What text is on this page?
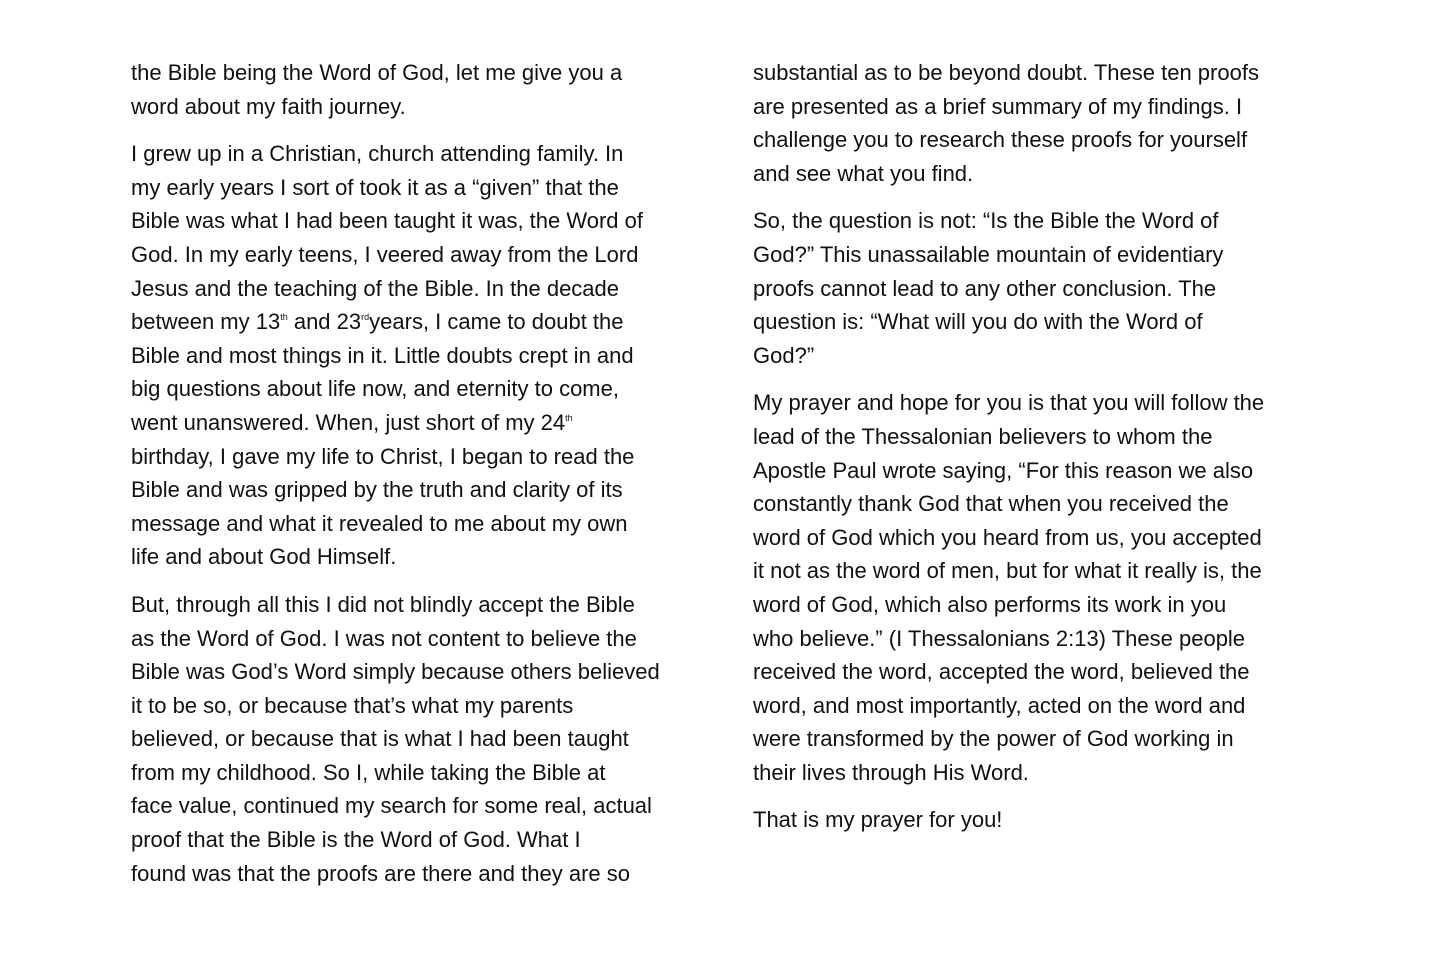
the Bible being the Word of God, let me give you a
word about my faith journey.

I grew up in a Christian, church attending family. In
my early years I sort of took it as a “given” that the
Bible was what I had been taught it was, the Word of
God. In my early teens, I veered away from the Lord
Jesus and the teaching of the Bible. In the decade
between my 13th and 23rdyears, I came to doubt the
Bible and most things in it. Little doubts crept in and
big questions about life now, and eternity to come,
went unanswered. When, just short of my 24th
birthday, I gave my life to Christ, I began to read the
Bible and was gripped by the truth and clarity of its
message and what it revealed to me about my own
life and about God Himself.

But, through all this I did not blindly accept the Bible
as the Word of God. I was not content to believe the
Bible was God’s Word simply because others believed
it to be so, or because that’s what my parents
believed, or because that is what I had been taught
from my childhood. So I, while taking the Bible at
face value, continued my search for some real, actual
proof that the Bible is the Word of God. What I
found was that the proofs are there and they are so

substantial as to be beyond doubt. These ten proofs
are presented as a brief summary of my findings. I
challenge you to research these proofs for yourself
and see what you find.

So, the question is not: “Is the Bible the Word of
God?” This unassailable mountain of evidentiary
proofs cannot lead to any other conclusion. The
question is: “What will you do with the Word of
God?”

My prayer and hope for you is that you will follow the
lead of the Thessalonian believers to whom the
Apostle Paul wrote saying, “For this reason we also
constantly thank God that when you received the
word of God which you heard from us, you accepted
it not as the word of men, but for what it really is, the
word of God, which also performs its work in you
who believe.” (I Thessalonians 2:13) These people
received the word, accepted the word, believed the
word, and most importantly, acted on the word and
were transformed by the power of God working in
their lives through His Word.

That is my prayer for you!
